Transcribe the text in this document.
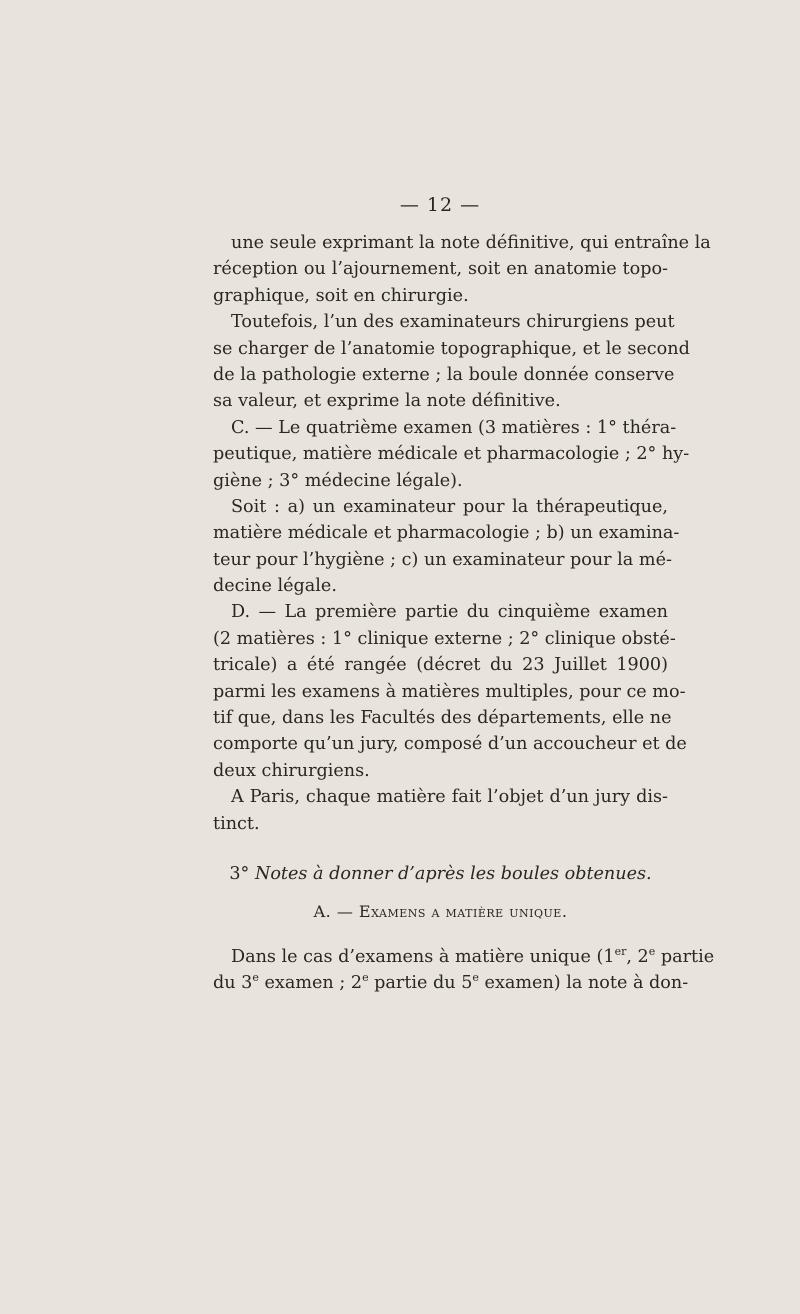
— 12 —
une seule exprimant la note définitive, qui entraîne la
réception ou l’ajournement, soit en anatomie topo-
graphique, soit en chirurgie.
Toutefois, l’un des examinateurs chirurgiens peut
se charger de l’anatomie topographique, et le second
de la pathologie externe ; la boule donnée conserve
sa valeur, et exprime la note définitive.
C. — Le quatrième examen (3 matières : 1° théra-
peutique, matière médicale et pharmacologie ; 2° hy-
giène ; 3° médecine légale).
Soit : a) un examinateur pour la thérapeutique,
matière médicale et pharmacologie ; b) un examina-
teur pour l’hygiène ; c) un examinateur pour la mé-
decine légale.
D. — La première partie du cinquième examen
(2 matières : 1° clinique externe ; 2° clinique obsté-
tricale) a été rangée (décret du 23 Juillet 1900)
parmi les examens à matières multiples, pour ce mo-
tif que, dans les Facultés des départements, elle ne
comporte qu’un jury, composé d’un accoucheur et de
deux chirurgiens.
A Paris, chaque matière fait l’objet d’un jury dis-
tinct.
3° Notes à donner d’après les boules obtenues.
A. — Examens a matière unique.
Dans le cas d’examens à matière unique (1er, 2e partie
du 3e examen ; 2e partie du 5e examen) la note à don-
